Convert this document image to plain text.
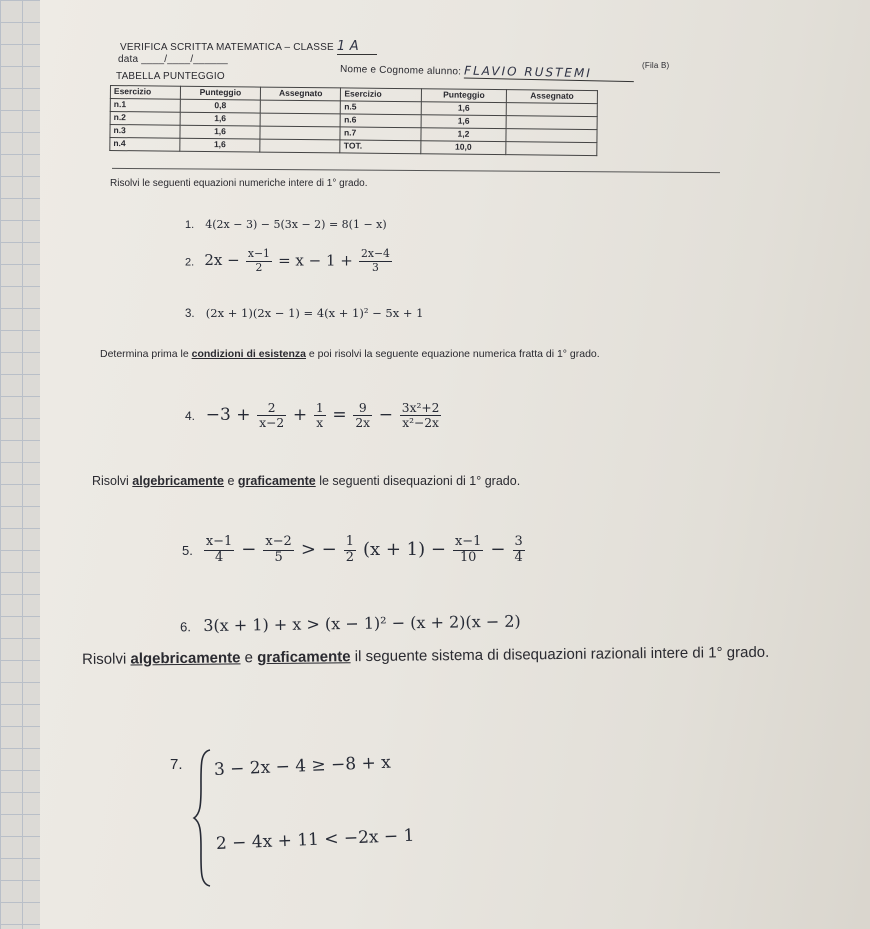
VERIFICA SCRITTA MATEMATICA – CLASSE 1 A
data ____/____/______
Nome e Cognome alunno: FLAVIO RUSTEMI	(Fila B)
TABELLA PUNTEGGIO
Esercizio	Punteggio	Assegnato	Esercizio	Punteggio	Assegnato
n.1	0,8		n.5	1,6	
n.2	1,6		n.6	1,6	
n.3	1,6		n.7	1,2	
n.4	1,6		TOT.	10,0	
Risolvi le seguenti equazioni numeriche intere di 1° grado.
1. 4(2x − 3) − 5(3x − 2) = 8(1 − x)
2. $2x - \frac{x-1}{2} = x - 1 + \frac{2x-4}{3}$
3. (2x + 1)(2x − 1) = 4(x + 1)² − 5x + 1
Determina prima le condizioni di esistenza e poi risolvi la seguente equazione numerica fratta di 1° grado.
4. $-3 + \frac{2}{x-2} + \frac{1}{x} = \frac{9}{2x} - \frac{\text{3x²+2}}{\text{x²−2x}}$
Risolvi algebricamente e graficamente le seguenti disequazioni di 1° grado.
5. $\frac{x-1}{4} - \frac{x-2}{5}$ > − $\frac{1}{2} (x + 1) - \frac{x-1}{10} - \frac{3}{4}$
6. 3(x + 1) + x > (x − 1)² − (x + 2)(x − 2)
Risolvi algebricamente e graficamente il seguente sistema di disequazioni razionali intere di 1° grado.
7. 3 − 2x − 4 ≥ −8 + x
2 − 4x + 11 < −2x − 1
